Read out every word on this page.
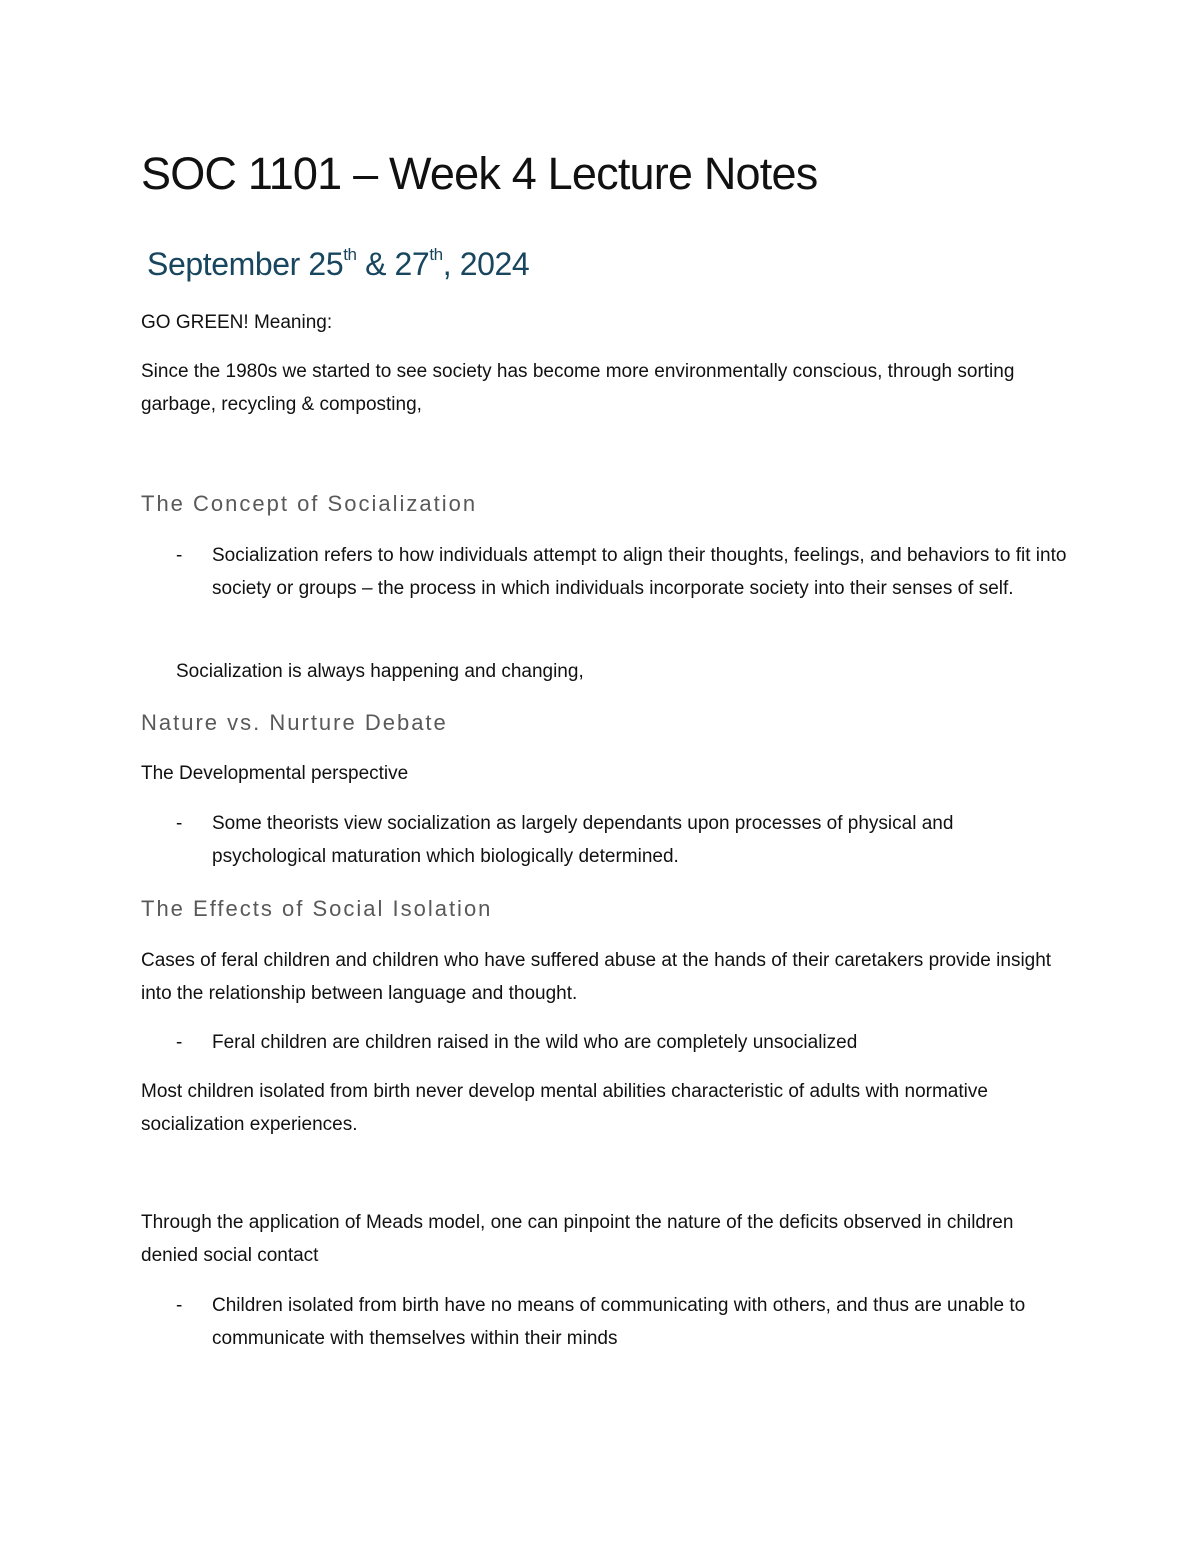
SOC 1101 – Week 4 Lecture Notes
September 25th & 27th, 2024

GO GREEN! Meaning:

Since the 1980s we started to see society has become more environmentally conscious, through sorting garbage, recycling & composting,

The Concept of Socialization
- Socialization refers to how individuals attempt to align their thoughts, feelings, and behaviors to fit into society or groups – the process in which individuals incorporate society into their senses of self.

Socialization is always happening and changing,

Nature vs. Nurture Debate

The Developmental perspective

- Some theorists view socialization as largely dependants upon processes of physical and psychological maturation which biologically determined.
The Effects of Social Isolation

Cases of feral children and children who have suffered abuse at the hands of their caretakers provide insight into the relationship between language and thought.

- Feral children are children raised in the wild who are completely unsocialized

Most children isolated from birth never develop mental abilities characteristic of adults with normative socialization experiences.

Through the application of Meads model, one can pinpoint the nature of the deficits observed in children denied social contact

- Children isolated from birth have no means of communicating with others, and thus are unable to communicate with themselves within their minds
